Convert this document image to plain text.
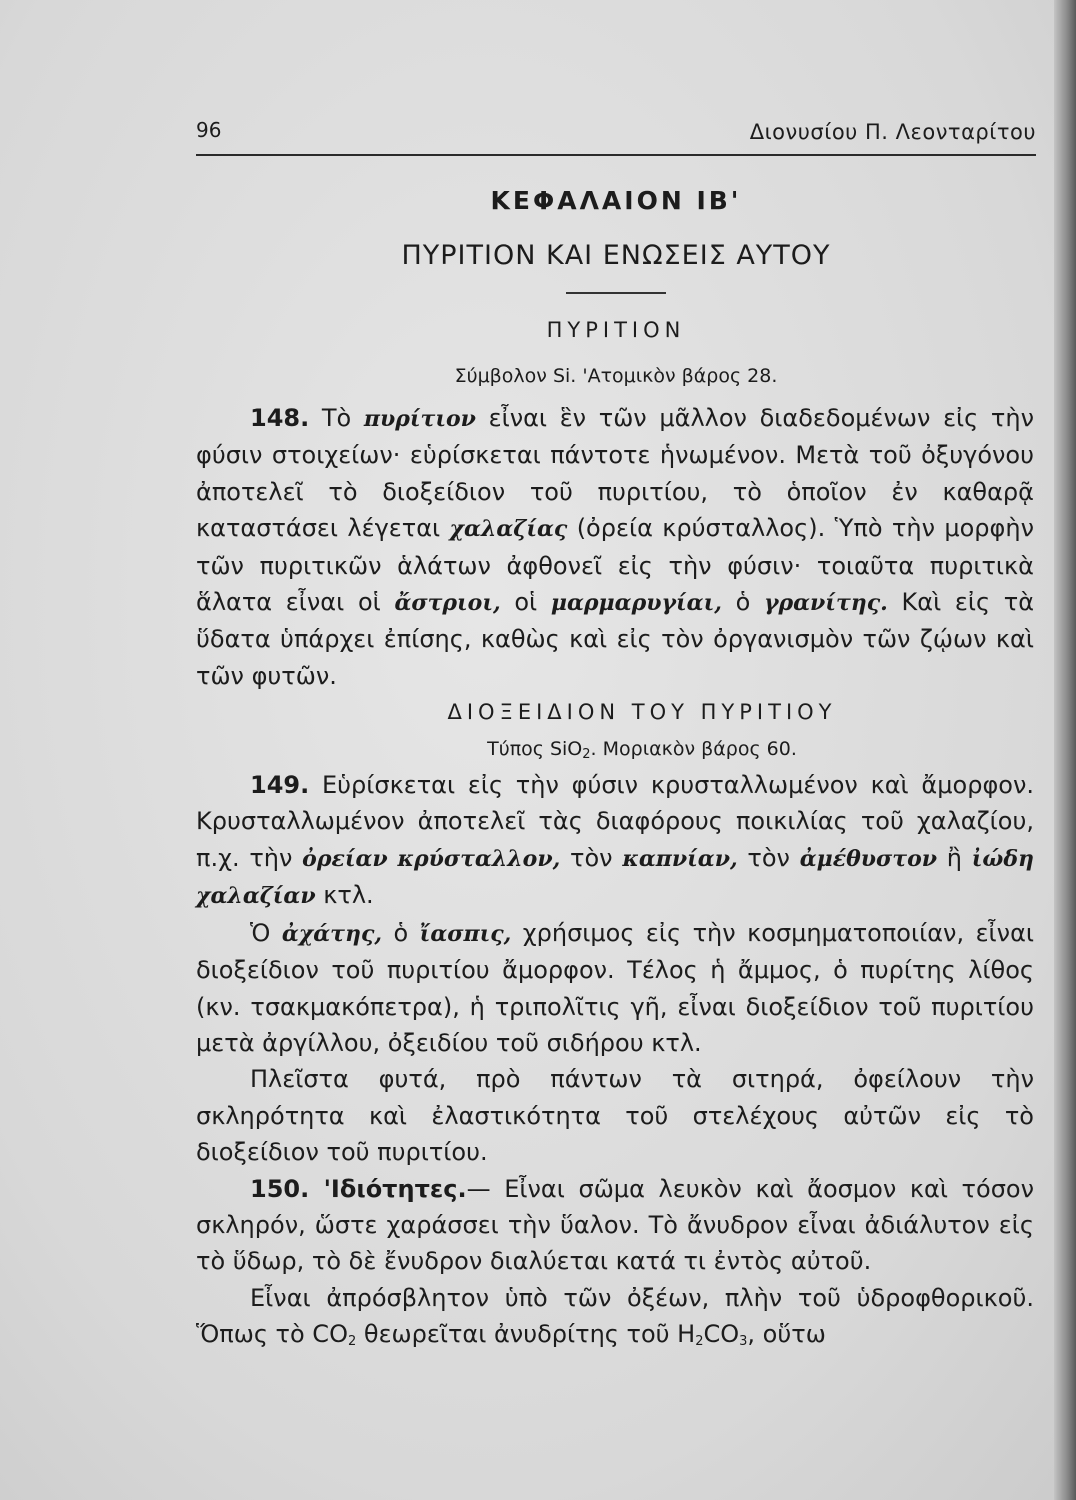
96	Διονυσίου Π. Λεονταρίτου
ΚΕΦΑΛΑΙΟΝ ΙΒ'
ΠΥΡΙΤΙΟΝ ΚΑΙ ΕΝΩΣΕΙΣ ΑΥΤΟΥ
ΠΥΡΙΤΙΟΝ
Σύμβολον Si. 'Ατομικὸν βάρος 28.

148. Τὸ πυρίτιον εἶναι ἓν τῶν μᾶλλον διαδεδομένων εἰς τὴν φύσιν στοιχείων· εὑρίσκεται πάντοτε ἡνωμένον. Μετὰ τοῦ ὀξυγόνου ἀποτελεῖ τὸ διοξείδιον τοῦ πυριτίου, τὸ ὁποῖον ἐν καθαρᾷ καταστάσει λέγεται χαλαζίας (ὀρεία κρύσταλλος). Ὑπὸ τὴν μορφὴν τῶν πυριτικῶν ἁλάτων ἀφθονεῖ εἰς τὴν φύσιν· τοιαῦτα πυριτικὰ ἅλατα εἶναι οἱ ἄστριοι, οἱ μαρμαρυγίαι, ὁ γρανίτης. Καὶ εἰς τὰ ὕδατα ὑπάρχει ἐπίσης, καθὼς καὶ εἰς τὸν ὀργανισμὸν τῶν ζῴων καὶ τῶν φυτῶν.

ΔΙΟΞΕΙΔΙΟΝ ΤΟΥ ΠΥΡΙΤΙΟΥ

Τύπος SiO$_2$. Μοριακὸν βάρος 60.

149. Εὑρίσκεται εἰς τὴν φύσιν κρυσταλλωμένον καὶ ἄμορφον. Κρυσταλλωμένον ἀποτελεῖ τὰς διαφόρους ποικιλίας τοῦ χαλαζίου, π.χ. τὴν ὀρείαν κρύσταλλον, τὸν καπνίαν, τὸν ἀμέθυστον ἢ ἰώδη χαλαζίαν κτλ.

Ὁ ἀχάτης, ὁ ἴασπις, χρήσιμος εἰς τὴν κοσμηματοποιίαν, εἶναι διοξείδιον τοῦ πυριτίου ἄμορφον. Τέλος ἡ ἄμμος, ὁ πυρίτης λίθος (κν. τσακμακόπετρα), ἡ τριπολῖτις γῆ, εἶναι διοξείδιον τοῦ πυριτίου μετὰ ἀργίλλου, ὀξειδίου τοῦ σιδήρου κτλ.

Πλεῖστα φυτά, πρὸ πάντων τὰ σιτηρά, ὀφείλουν τὴν σκληρότητα καὶ ἐλαστικότητα τοῦ στελέχους αὐτῶν εἰς τὸ διοξείδιον τοῦ πυριτίου.

150. 'Ιδιότητες.— Εἶναι σῶμα λευκὸν καὶ ἄοσμον καὶ τόσον σκληρόν, ὥστε χαράσσει τὴν ὕαλον. Τὸ ἄνυδρον εἶναι ἀδιάλυτον εἰς τὸ ὕδωρ, τὸ δὲ ἔνυδρον διαλύεται κατά τι ἐντὸς αὐτοῦ.

Εἶναι ἀπρόσβλητον ὑπὸ τῶν ὀξέων, πλὴν τοῦ ὑδροφθορικοῦ. Ὅπως τὸ $CO_2$ θεωρεῖται ἀνυδρίτης τοῦ $H_2CO_3$, οὕτω
